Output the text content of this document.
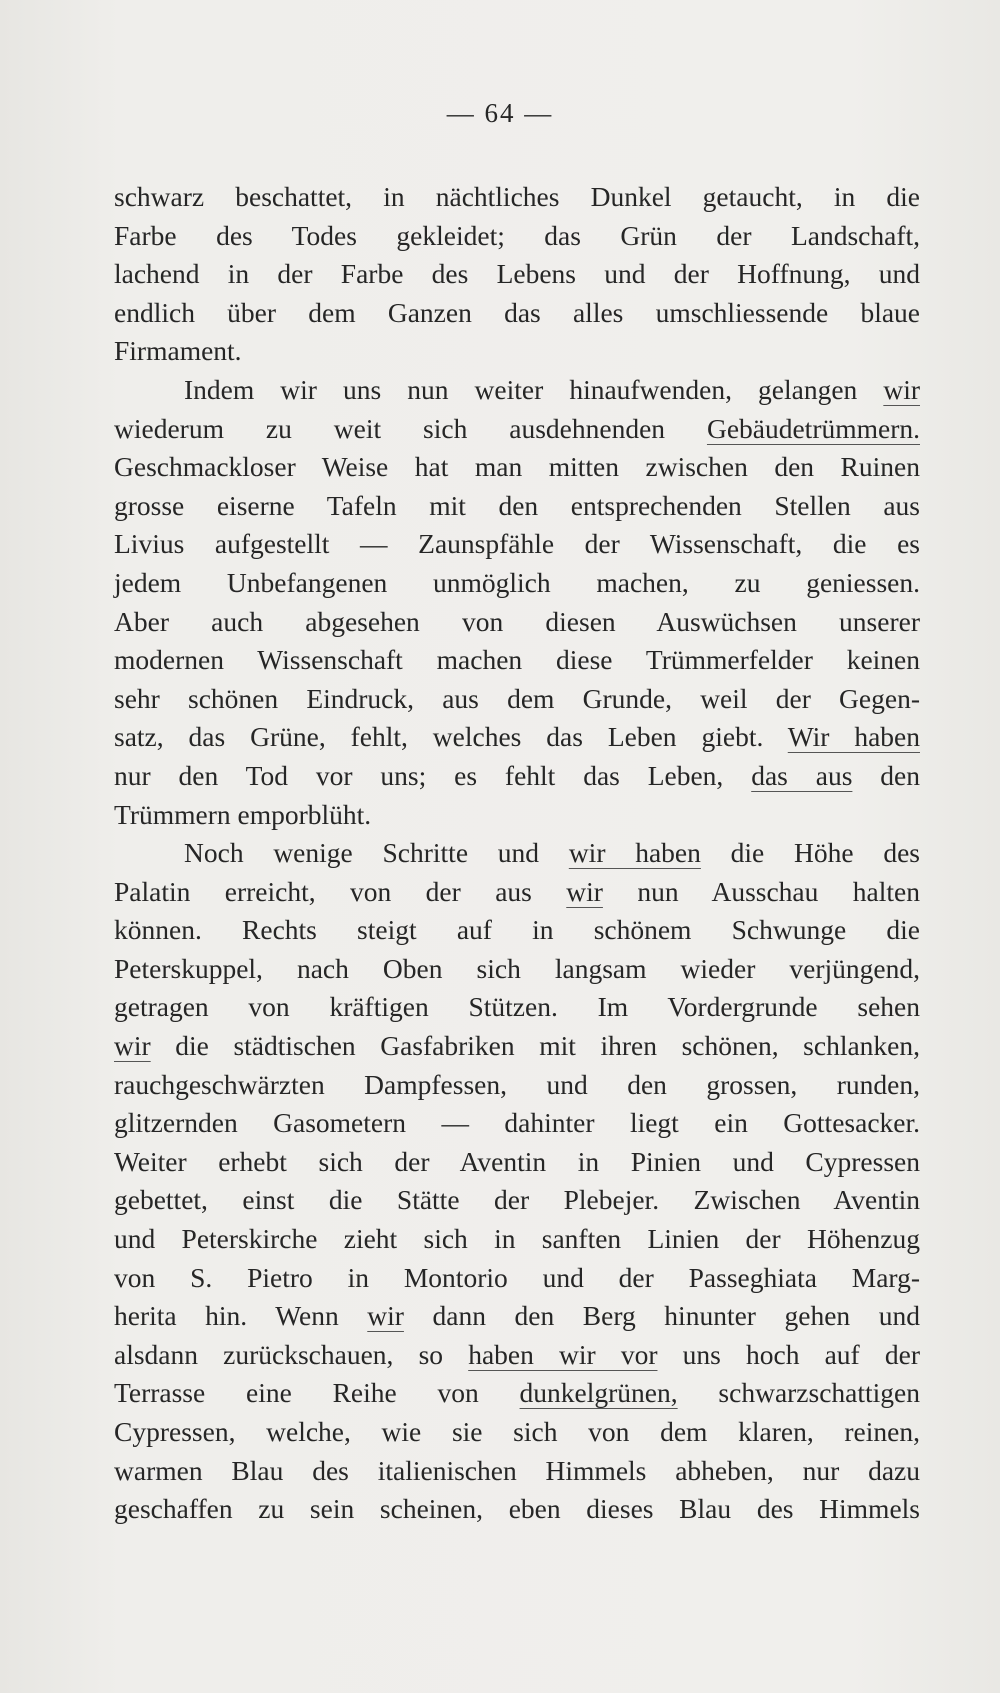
— 64 —
schwarz beschattet, in nächtliches Dunkel getaucht, in die
Farbe des Todes gekleidet; das Grün der Landschaft,
lachend in der Farbe des Lebens und der Hoffnung, und
endlich über dem Ganzen das alles umschliessende blaue
Firmament.
Indem wir uns nun weiter hinaufwenden, gelangen wir
wiederum zu weit sich ausdehnenden Gebäudetrümmern.
Geschmackloser Weise hat man mitten zwischen den Ruinen
grosse eiserne Tafeln mit den entsprechenden Stellen aus
Livius aufgestellt — Zaunspfähle der Wissenschaft, die es
jedem Unbefangenen unmöglich machen, zu geniessen.
Aber auch abgesehen von diesen Auswüchsen unserer
modernen Wissenschaft machen diese Trümmerfelder keinen
sehr schönen Eindruck, aus dem Grunde, weil der Gegen-
satz, das Grüne, fehlt, welches das Leben giebt. Wir haben
nur den Tod vor uns; es fehlt das Leben, das aus den
Trümmern emporblüht.
Noch wenige Schritte und wir haben die Höhe des
Palatin erreicht, von der aus wir nun Ausschau halten
können. Rechts steigt auf in schönem Schwunge die
Peterskuppel, nach Oben sich langsam wieder verjüngend,
getragen von kräftigen Stützen. Im Vordergrunde sehen
wir die städtischen Gasfabriken mit ihren schönen, schlanken,
rauchgeschwärzten Dampfessen, und den grossen, runden,
glitzernden Gasometern — dahinter liegt ein Gottesacker.
Weiter erhebt sich der Aventin in Pinien und Cypressen
gebettet, einst die Stätte der Plebejer. Zwischen Aventin
und Peterskirche zieht sich in sanften Linien der Höhenzug
von S. Pietro in Montorio und der Passeghiata Marg-
herita hin. Wenn wir dann den Berg hinunter gehen und
alsdann zurückschauen, so haben wir vor uns hoch auf der
Terrasse eine Reihe von dunkelgrünen, schwarzschattigen
Cypressen, welche, wie sie sich von dem klaren, reinen,
warmen Blau des italienischen Himmels abheben, nur dazu
geschaffen zu sein scheinen, eben dieses Blau des Himmels
